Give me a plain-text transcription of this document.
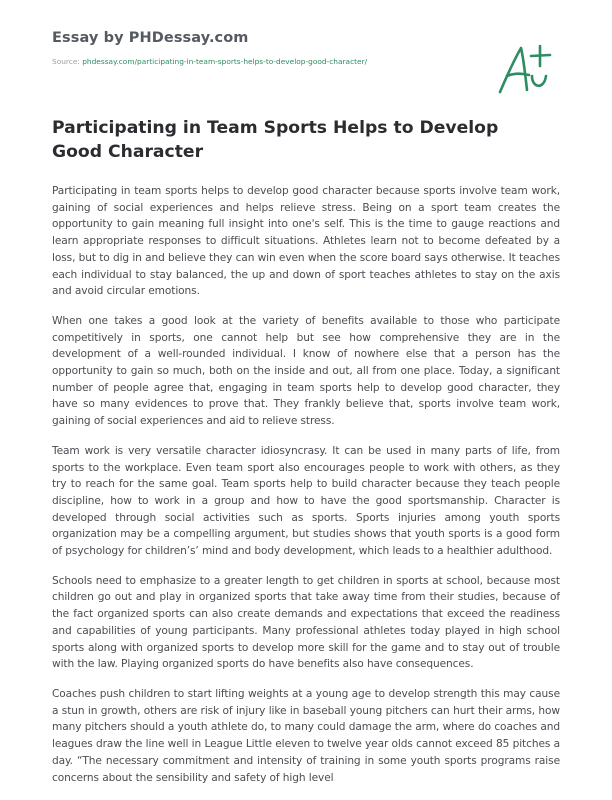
Essay by PHDessay.com
Source: phdessay.com/participating-in-team-sports-helps-to-develop-good-character/
Participating in Team Sports Helps to Develop Good Character

Participating in team sports helps to develop good character because sports involve team work, gaining of social experiences and helps relieve stress. Being on a sport team creates the opportunity to gain meaning full insight into one's self. This is the time to gauge reactions and learn appropriate responses to difficult situations. Athletes learn not to become defeated by a loss, but to dig in and believe they can win even when the score board says otherwise. It teaches each individual to stay balanced, the up and down of sport teaches athletes to stay on the axis and avoid circular emotions.

When one takes a good look at the variety of benefits available to those who participate competitively in sports, one cannot help but see how comprehensive they are in the development of a well-rounded individual. I know of nowhere else that a person has the opportunity to gain so much, both on the inside and out, all from one place. Today, a significant number of people agree that, engaging in team sports help to develop good character, they have so many evidences to prove that. They frankly believe that, sports involve team work, gaining of social experiences and aid to relieve stress.

Team work is very versatile character idiosyncrasy. It can be used in many parts of life, from sports to the workplace. Even team sport also encourages people to work with others, as they try to reach for the same goal. Team sports help to build character because they teach people discipline, how to work in a group and how to have the good sportsmanship. Character is developed through social activities such as sports. Sports injuries among youth sports organization may be a compelling argument, but studies shows that youth sports is a good form of psychology for children’s’ mind and body development, which leads to a healthier adulthood.

Schools need to emphasize to a greater length to get children in sports at school, because most children go out and play in organized sports that take away time from their studies, because of the fact organized sports can also create demands and expectations that exceed the readiness and capabilities of young participants. Many professional athletes today played in high school sports along with organized sports to develop more skill for the game and to stay out of trouble with the law. Playing organized sports do have benefits also have consequences.

Coaches push children to start lifting weights at a young age to develop strength this may cause a stun in growth, others are risk of injury like in baseball young pitchers can hurt their arms, how many pitchers should a youth athlete do, to many could damage the arm, where do coaches and leagues draw the line well in League Little eleven to twelve year olds cannot exceed 85 pitches a day. “The necessary commitment and intensity of training in some youth sports programs raise concerns about the sensibility and safety of high level
